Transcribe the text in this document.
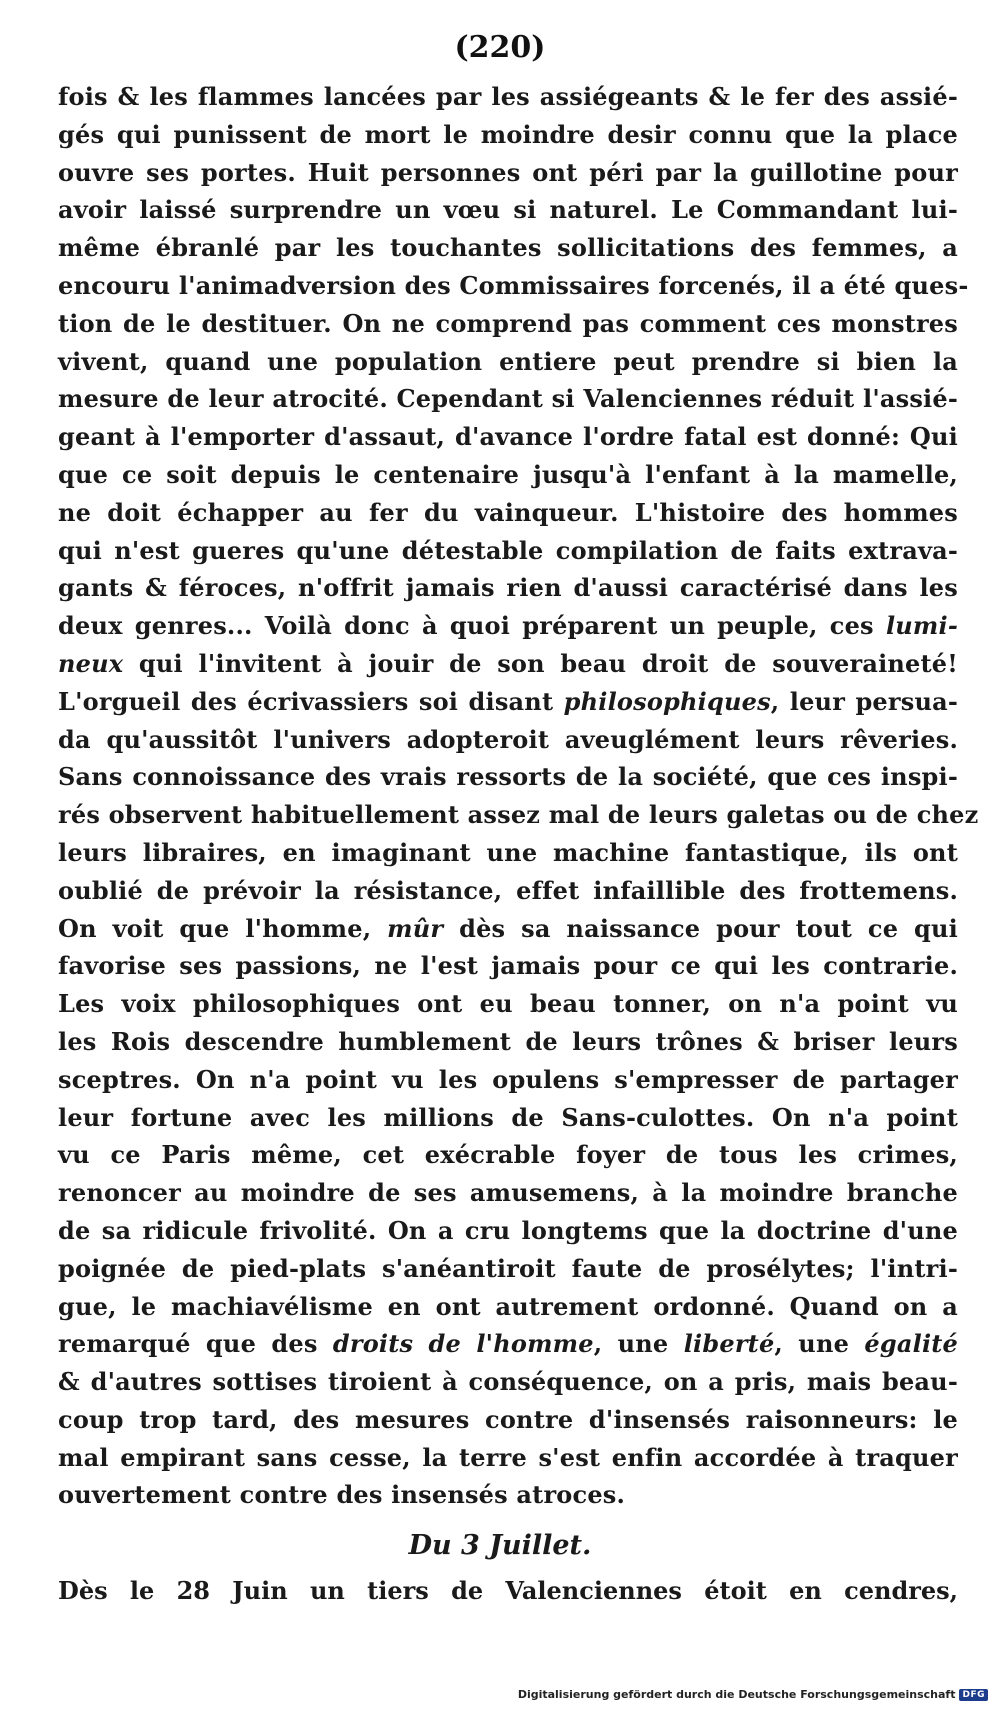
(220)
fois & les flammes lancées par les assiégeants & le fer des assié-
gés qui punissent de mort le moindre desir connu que la place
ouvre ses portes. Huit personnes ont péri par la guillotine pour
avoir laissé surprendre un vœu si naturel. Le Commandant lui-
même ébranlé par les touchantes sollicitations des femmes, a
encouru l'animadversion des Commissaires forcenés, il a été ques-
tion de le destituer. On ne comprend pas comment ces monstres
vivent, quand une population entiere peut prendre si bien la
mesure de leur atrocité. Cependant si Valenciennes réduit l'assié-
geant à l'emporter d'assaut, d'avance l'ordre fatal est donné: Qui
que ce soit depuis le centenaire jusqu'à l'enfant à la mamelle,
ne doit échapper au fer du vainqueur. L'histoire des hommes
qui n'est gueres qu'une détestable compilation de faits extrava-
gants & féroces, n'offrit jamais rien d'aussi caractérisé dans les
deux genres... Voilà donc à quoi préparent un peuple, ces lumi-
neux qui l'invitent à jouir de son beau droit de souveraineté!
L'orgueil des écrivassiers soi disant philosophiques, leur persua-
da qu'aussitôt l'univers adopteroit aveuglément leurs rêveries.
Sans connoissance des vrais ressorts de la société, que ces inspi-
rés observent habituellement assez mal de leurs galetas ou de chez
leurs libraires, en imaginant une machine fantastique, ils ont
oublié de prévoir la résistance, effet infaillible des frottemens.
On voit que l'homme, mûr dès sa naissance pour tout ce qui
favorise ses passions, ne l'est jamais pour ce qui les contrarie.
Les voix philosophiques ont eu beau tonner, on n'a point vu
les Rois descendre humblement de leurs trônes & briser leurs
sceptres. On n'a point vu les opulens s'empresser de partager
leur fortune avec les millions de Sans-culottes. On n'a point
vu ce Paris même, cet exécrable foyer de tous les crimes,
renoncer au moindre de ses amusemens, à la moindre branche
de sa ridicule frivolité. On a cru longtems que la doctrine d'une
poignée de pied-plats s'anéantiroit faute de prosélytes; l'intri-
gue, le machiavélisme en ont autrement ordonné. Quand on a
remarqué que des droits de l'homme, une liberté, une égalité
& d'autres sottises tiroient à conséquence, on a pris, mais beau-
coup trop tard, des mesures contre d'insensés raisonneurs: le
mal empirant sans cesse, la terre s'est enfin accordée à traquer
ouvertement contre des insensés atroces.
Du 3 Juillet.
Dès le 28 Juin un tiers de Valenciennes étoit en cendres,
Digitalisierung gefördert durch die Deutsche Forschungsgemeinschaft DFG
